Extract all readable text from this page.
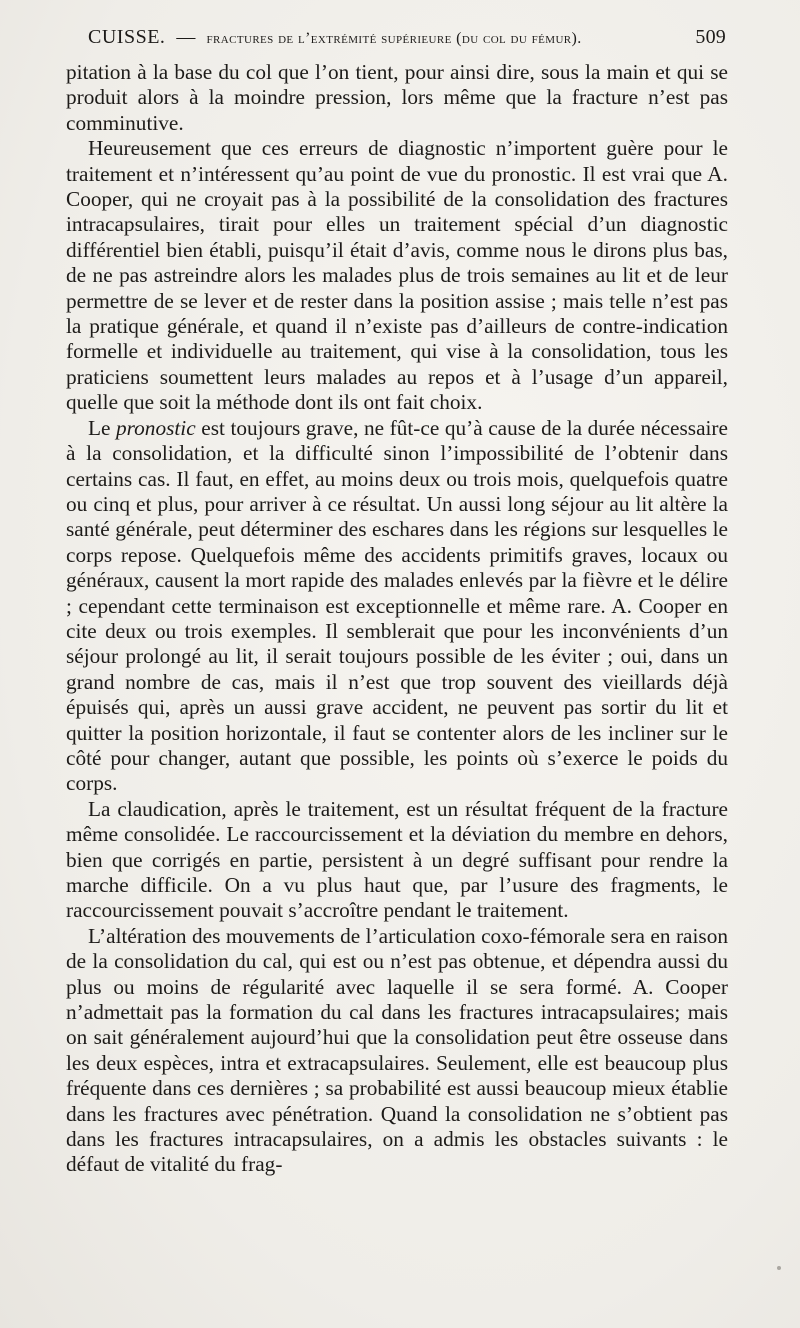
CUISSE. — fractures de l’extrémité supérieure (du col du fémur).	509

pitation à la base du col que l’on tient, pour ainsi dire, sous la main et qui se produit alors à la moindre pression, lors même que la fracture n’est pas comminutive.

Heureusement que ces erreurs de diagnostic n’importent guère pour le traitement et n’intéressent qu’au point de vue du pronostic. Il est vrai que A. Cooper, qui ne croyait pas à la possibilité de la consolidation des fractures intracapsulaires, tirait pour elles un traitement spécial d’un diagnostic différentiel bien établi, puisqu’il était d’avis, comme nous le dirons plus bas, de ne pas astreindre alors les malades plus de trois semaines au lit et de leur permettre de se lever et de rester dans la position assise ; mais telle n’est pas la pratique générale, et quand il n’existe pas d’ailleurs de contre-indication formelle et individuelle au traitement, qui vise à la consolidation, tous les praticiens soumettent leurs malades au repos et à l’usage d’un appareil, quelle que soit la méthode dont ils ont fait choix.

Le pronostic est toujours grave, ne fût-ce qu’à cause de la durée nécessaire à la consolidation, et la difficulté sinon l’impossibilité de l’obtenir dans certains cas. Il faut, en effet, au moins deux ou trois mois, quelquefois quatre ou cinq et plus, pour arriver à ce résultat. Un aussi long séjour au lit altère la santé générale, peut déterminer des eschares dans les régions sur lesquelles le corps repose. Quelquefois même des accidents primitifs graves, locaux ou généraux, causent la mort rapide des malades enlevés par la fièvre et le délire ; cependant cette terminaison est exceptionnelle et même rare. A. Cooper en cite deux ou trois exemples. Il semblerait que pour les inconvénients d’un séjour prolongé au lit, il serait toujours possible de les éviter ; oui, dans un grand nombre de cas, mais il n’est que trop souvent des vieillards déjà épuisés qui, après un aussi grave accident, ne peuvent pas sortir du lit et quitter la position horizontale, il faut se contenter alors de les incliner sur le côté pour changer, autant que possible, les points où s’exerce le poids du corps.

La claudication, après le traitement, est un résultat fréquent de la fracture même consolidée. Le raccourcissement et la déviation du membre en dehors, bien que corrigés en partie, persistent à un degré suffisant pour rendre la marche difficile. On a vu plus haut que, par l’usure des fragments, le raccourcissement pouvait s’accroître pendant le traitement.

L’altération des mouvements de l’articulation coxo-fémorale sera en raison de la consolidation du cal, qui est ou n’est pas obtenue, et dépendra aussi du plus ou moins de régularité avec laquelle il se sera formé. A. Cooper n’admettait pas la formation du cal dans les fractures intracapsulaires; mais on sait généralement aujourd’hui que la consolidation peut être osseuse dans les deux espèces, intra et extracapsulaires. Seulement, elle est beaucoup plus fréquente dans ces dernières ; sa probabilité est aussi beaucoup mieux établie dans les fractures avec pénétration. Quand la consolidation ne s’obtient pas dans les fractures intracapsulaires, on a admis les obstacles suivants : le défaut de vitalité du frag-
